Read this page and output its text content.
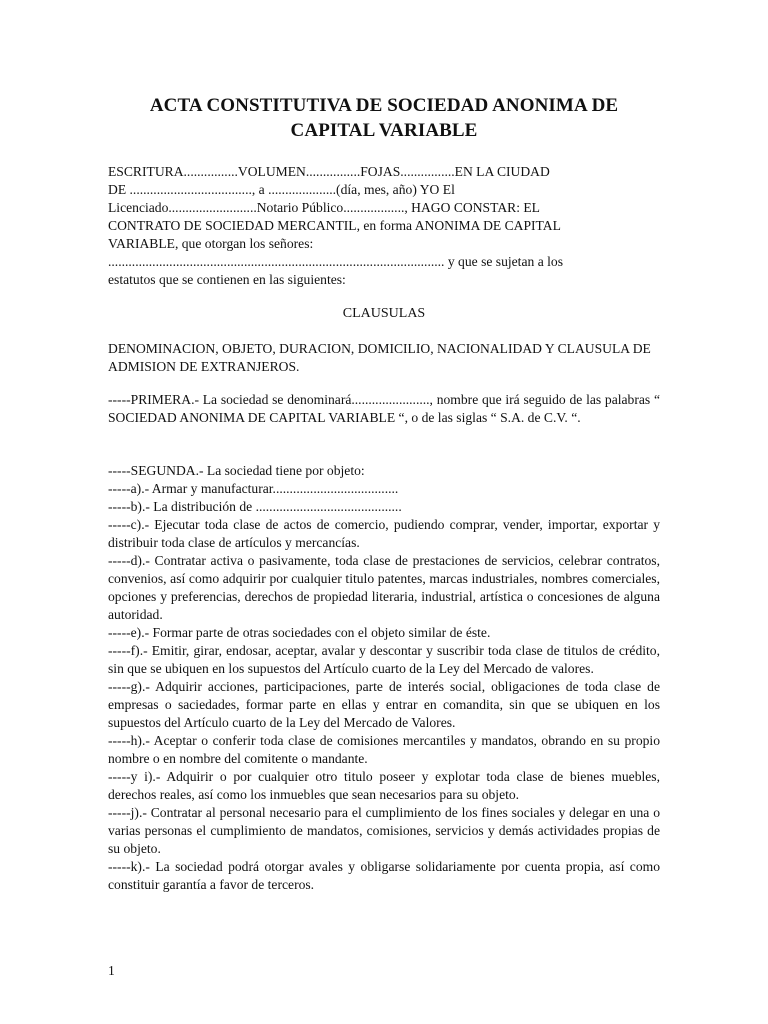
ACTA CONSTITUTIVA DE SOCIEDAD ANONIMA DE
CAPITAL VARIABLE
ESCRITURA................VOLUMEN................FOJAS................EN LA CIUDAD
DE ...................................., a ....................(día, mes, año) YO El
Licenciado..........................Notario Público.................., HAGO CONSTAR: EL
CONTRATO DE SOCIEDAD MERCANTIL, en forma ANONIMA DE CAPITAL
VARIABLE, que otorgan los señores:
................................................................................................... y que se sujetan a los
estatutos que se contienen en las siguientes:
CLAUSULAS
DENOMINACION, OBJETO, DURACION, DOMICILIO, NACIONALIDAD Y CLAUSULA DE ADMISION DE EXTRANJEROS.
-----PRIMERA.- La sociedad se denominará......................., nombre que irá seguido de las palabras “ SOCIEDAD ANONIMA DE CAPITAL VARIABLE “, o de las siglas “ S.A. de C.V. “.
-----SEGUNDA.- La sociedad tiene por objeto:
-----a).- Armar y manufacturar.....................................
-----b).- La distribución de ...........................................
-----c).- Ejecutar toda clase de actos de comercio, pudiendo comprar, vender, importar, exportar y distribuir toda clase de artículos y mercancías.
-----d).- Contratar activa o pasivamente, toda clase de prestaciones de servicios, celebrar contratos, convenios, así como adquirir por cualquier titulo patentes, marcas industriales, nombres comerciales, opciones y preferencias, derechos de propiedad literaria, industrial, artística o concesiones de alguna autoridad.
-----e).- Formar parte de otras sociedades con el objeto similar de éste.
-----f).- Emitir, girar, endosar, aceptar, avalar y descontar y suscribir toda clase de titulos de crédito, sin que se ubiquen en los supuestos del Artículo cuarto de la Ley del Mercado de valores.
-----g).- Adquirir acciones, participaciones, parte de interés social, obligaciones de toda clase de empresas o saciedades, formar parte en ellas y entrar en comandita, sin que se ubiquen en los supuestos del Artículo cuarto de la Ley del Mercado de Valores.
-----h).- Aceptar o conferir toda clase de comisiones mercantiles y mandatos, obrando en su propio nombre o en nombre del comitente o mandante.
-----y i).- Adquirir o por cualquier otro titulo poseer y explotar toda clase de bienes muebles, derechos reales, así como los inmuebles que sean necesarios para su objeto.
-----j).- Contratar al personal necesario para el cumplimiento de los fines sociales y delegar en una o varias personas el cumplimiento de mandatos, comisiones, servicios y demás actividades propias de su objeto.
-----k).- La sociedad podrá otorgar avales y obligarse solidariamente por cuenta propia, así como constituir garantía a favor de terceros.
1
